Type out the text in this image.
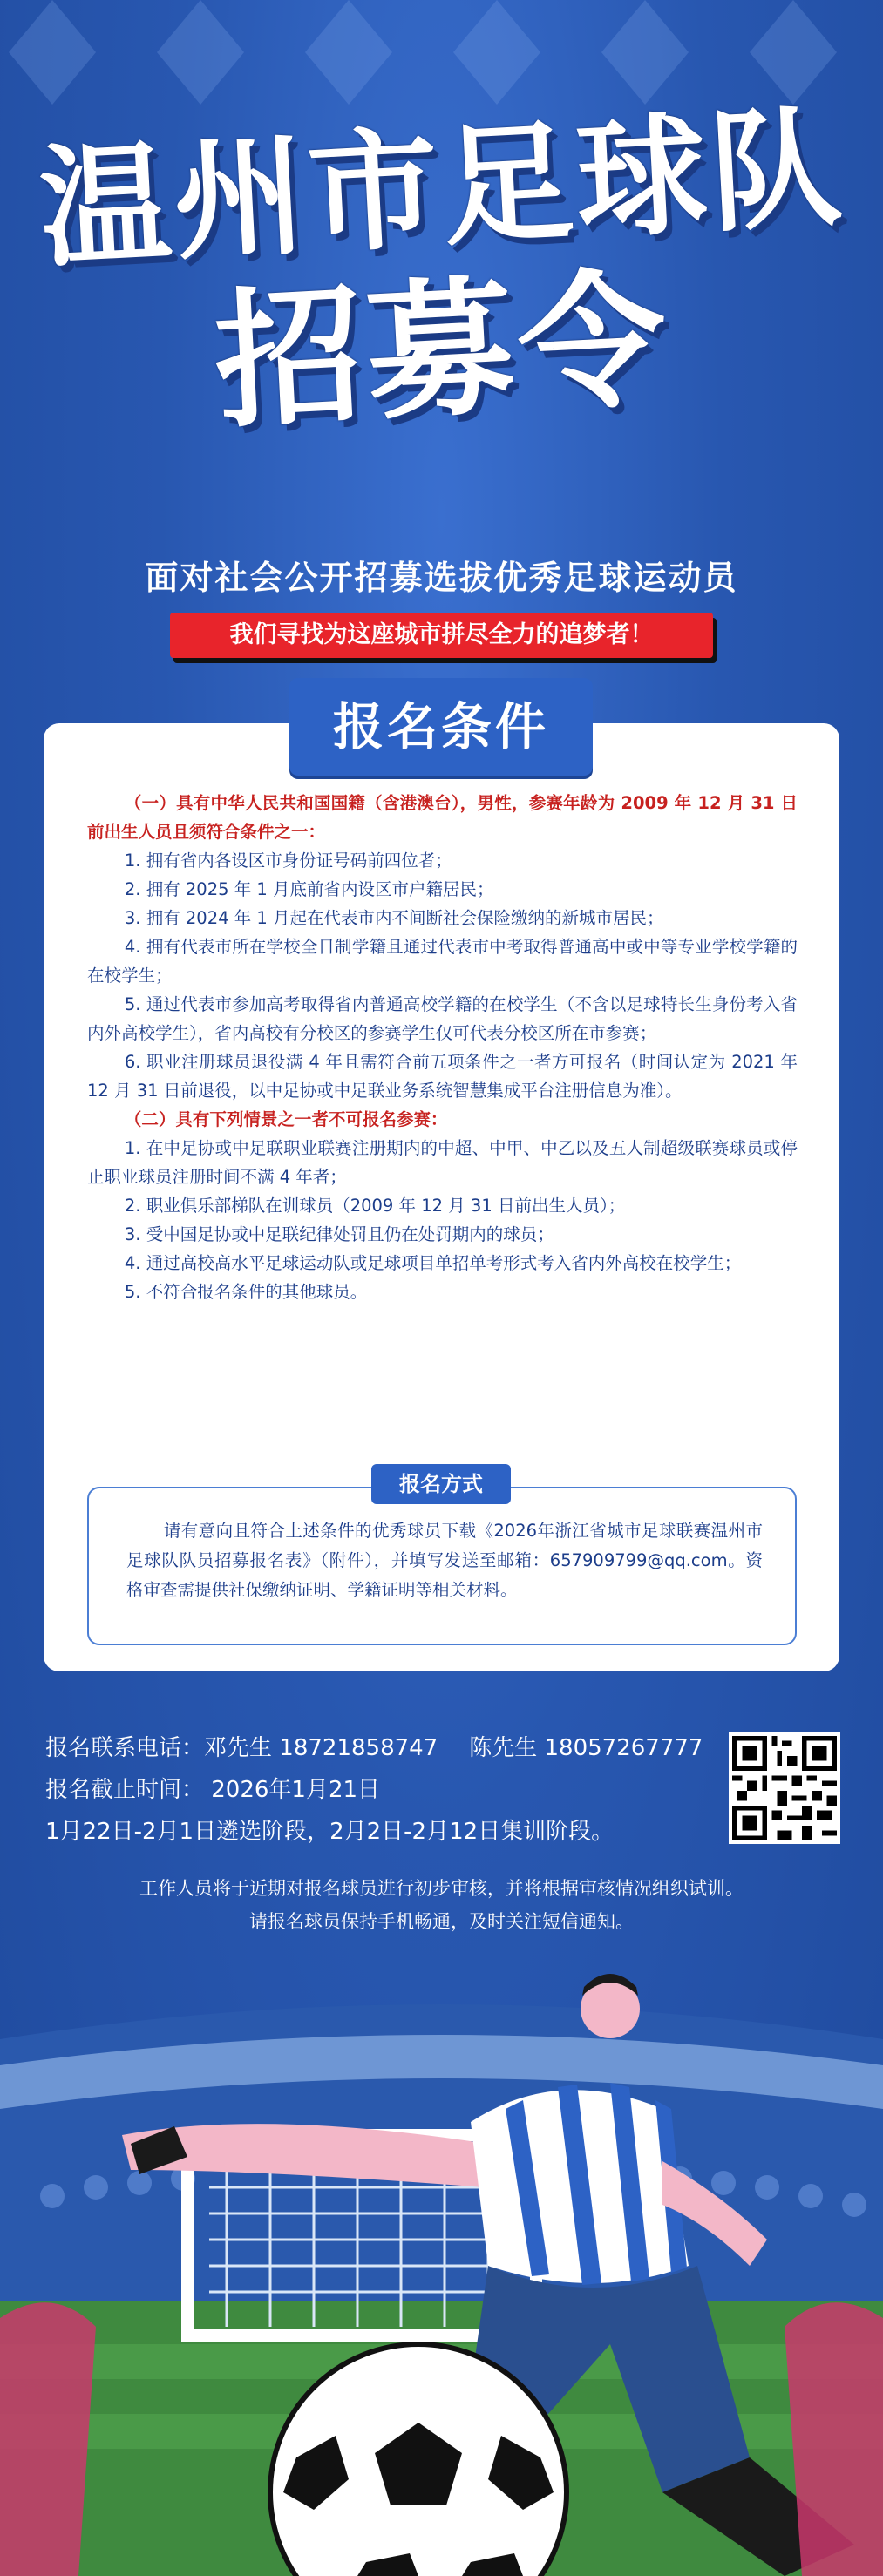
温州市足球队
招募令
面对社会公开招募选拔优秀足球运动员
我们寻找为这座城市拼尽全力的追梦者！
报名条件

（一）具有中华人民共和国国籍（含港澳台），男性，参赛年龄为 2009 年 12 月 31 日前出生人员且须符合条件之一：

1. 拥有省内各设区市身份证号码前四位者；

2. 拥有 2025 年 1 月底前省内设区市户籍居民；

3. 拥有 2024 年 1 月起在代表市内不间断社会保险缴纳的新城市居民；

4. 拥有代表市所在学校全日制学籍且通过代表市中考取得普通高中或中等专业学校学籍的在校学生；

5. 通过代表市参加高考取得省内普通高校学籍的在校学生（不含以足球特长生身份考入省内外高校学生），省内高校有分校区的参赛学生仅可代表分校区所在市参赛；

6. 职业注册球员退役满 4 年且需符合前五项条件之一者方可报名（时间认定为 2021 年 12 月 31 日前退役，以中足协或中足联业务系统智慧集成平台注册信息为准）。

（二）具有下列情景之一者不可报名参赛：

1. 在中足协或中足联职业联赛注册期内的中超、中甲、中乙以及五人制超级联赛球员或停止职业球员注册时间不满 4 年者；

2. 职业俱乐部梯队在训球员（2009 年 12 月 31 日前出生人员）；

3. 受中国足协或中足联纪律处罚且仍在处罚期内的球员；

4. 通过高校高水平足球运动队或足球项目单招单考形式考入省内外高校在校学生；

5. 不符合报名条件的其他球员。

报名方式
请有意向且符合上述条件的优秀球员下载《2026年浙江省城市足球联赛温州市足球队队员招募报名表》（附件），并填写发送至邮箱：657909799@qq.com。资格审查需提供社保缴纳证明、学籍证明等相关材料。
报名联系电话：邓先生 18721858747 陈先生 18057267777
报名截止时间： 2026年1月21日
1月22日-2月1日遴选阶段，2月2日-2月12日集训阶段。
工作人员将于近期对报名球员进行初步审核，并将根据审核情况组织试训。
请报名球员保持手机畅通，及时关注短信通知。
